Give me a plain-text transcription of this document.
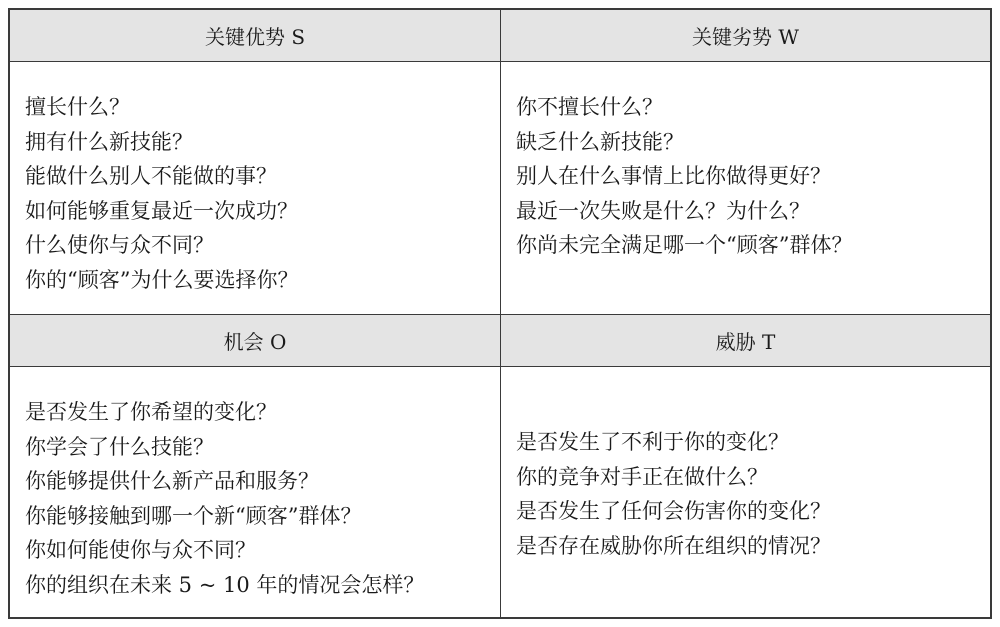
关键优势 S	关键劣势 W
擅长什么？
拥有什么新技能？
能做什么别人不能做的事？
如何能够重复最近一次成功？
什么使你与众不同？
你的“顾客”为什么要选择你？
你不擅长什么？
缺乏什么新技能？
别人在什么事情上比你做得更好？
最近一次失败是什么？为什么？
你尚未完全满足哪一个“顾客”群体？
机会 O	威胁 T
是否发生了你希望的变化？
你学会了什么技能？
你能够提供什么新产品和服务？
你能够接触到哪一个新“顾客”群体？
你如何能使你与众不同？
你的组织在未来 5 ~ 10 年的情况会怎样？
是否发生了不利于你的变化？
你的竞争对手正在做什么？
是否发生了任何会伤害你的变化？
是否存在威胁你所在组织的情况？
